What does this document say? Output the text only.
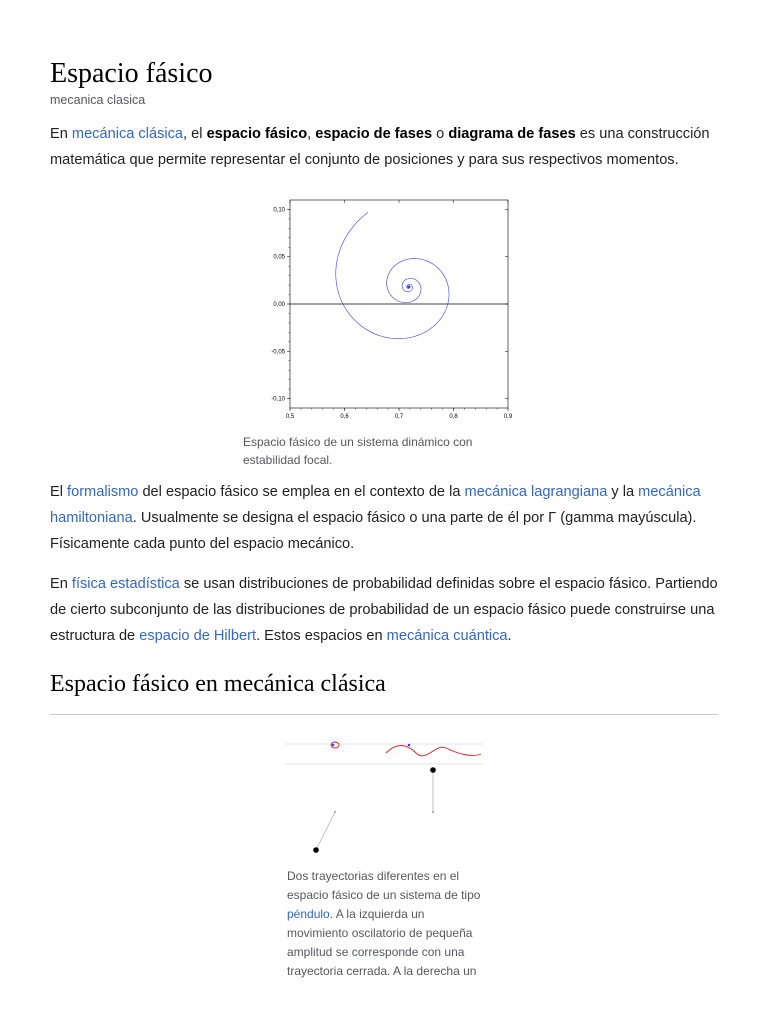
Espacio fásico
mecanica clasica

En mecánica clásica, el espacio fásico, espacio de fases o diagrama de fases es una construcción matemática que permite representar el conjunto de posiciones y para sus respectivos momentos.

0,5	0,6	0,7	0,8	0,9
0,10
0,05
0,00
-0,05
-0,10
Espacio fásico de un sistema dinámico con estabilidad focal.

El formalismo del espacio fásico se emplea en el contexto de la mecánica lagrangiana y la mecánica hamiltoniana. Usualmente se designa el espacio fásico o una parte de él por Γ (gamma mayúscula). Físicamente cada punto del espacio mecánico.

En física estadística se usan distribuciones de probabilidad definidas sobre el espacio fásico. Partiendo de cierto subconjunto de las distribuciones de probabilidad de un espacio fásico puede construirse una estructura de espacio de Hilbert. Estos espacios en mecánica cuántica.

Espacio fásico en mecánica clásica
Dos trayectorias diferentes en el espacio fásico de un sistema de tipo péndulo. A la izquierda un movimiento oscilatorio de pequeña amplitud se corresponde con una trayectoria cerrada. A la derecha un
